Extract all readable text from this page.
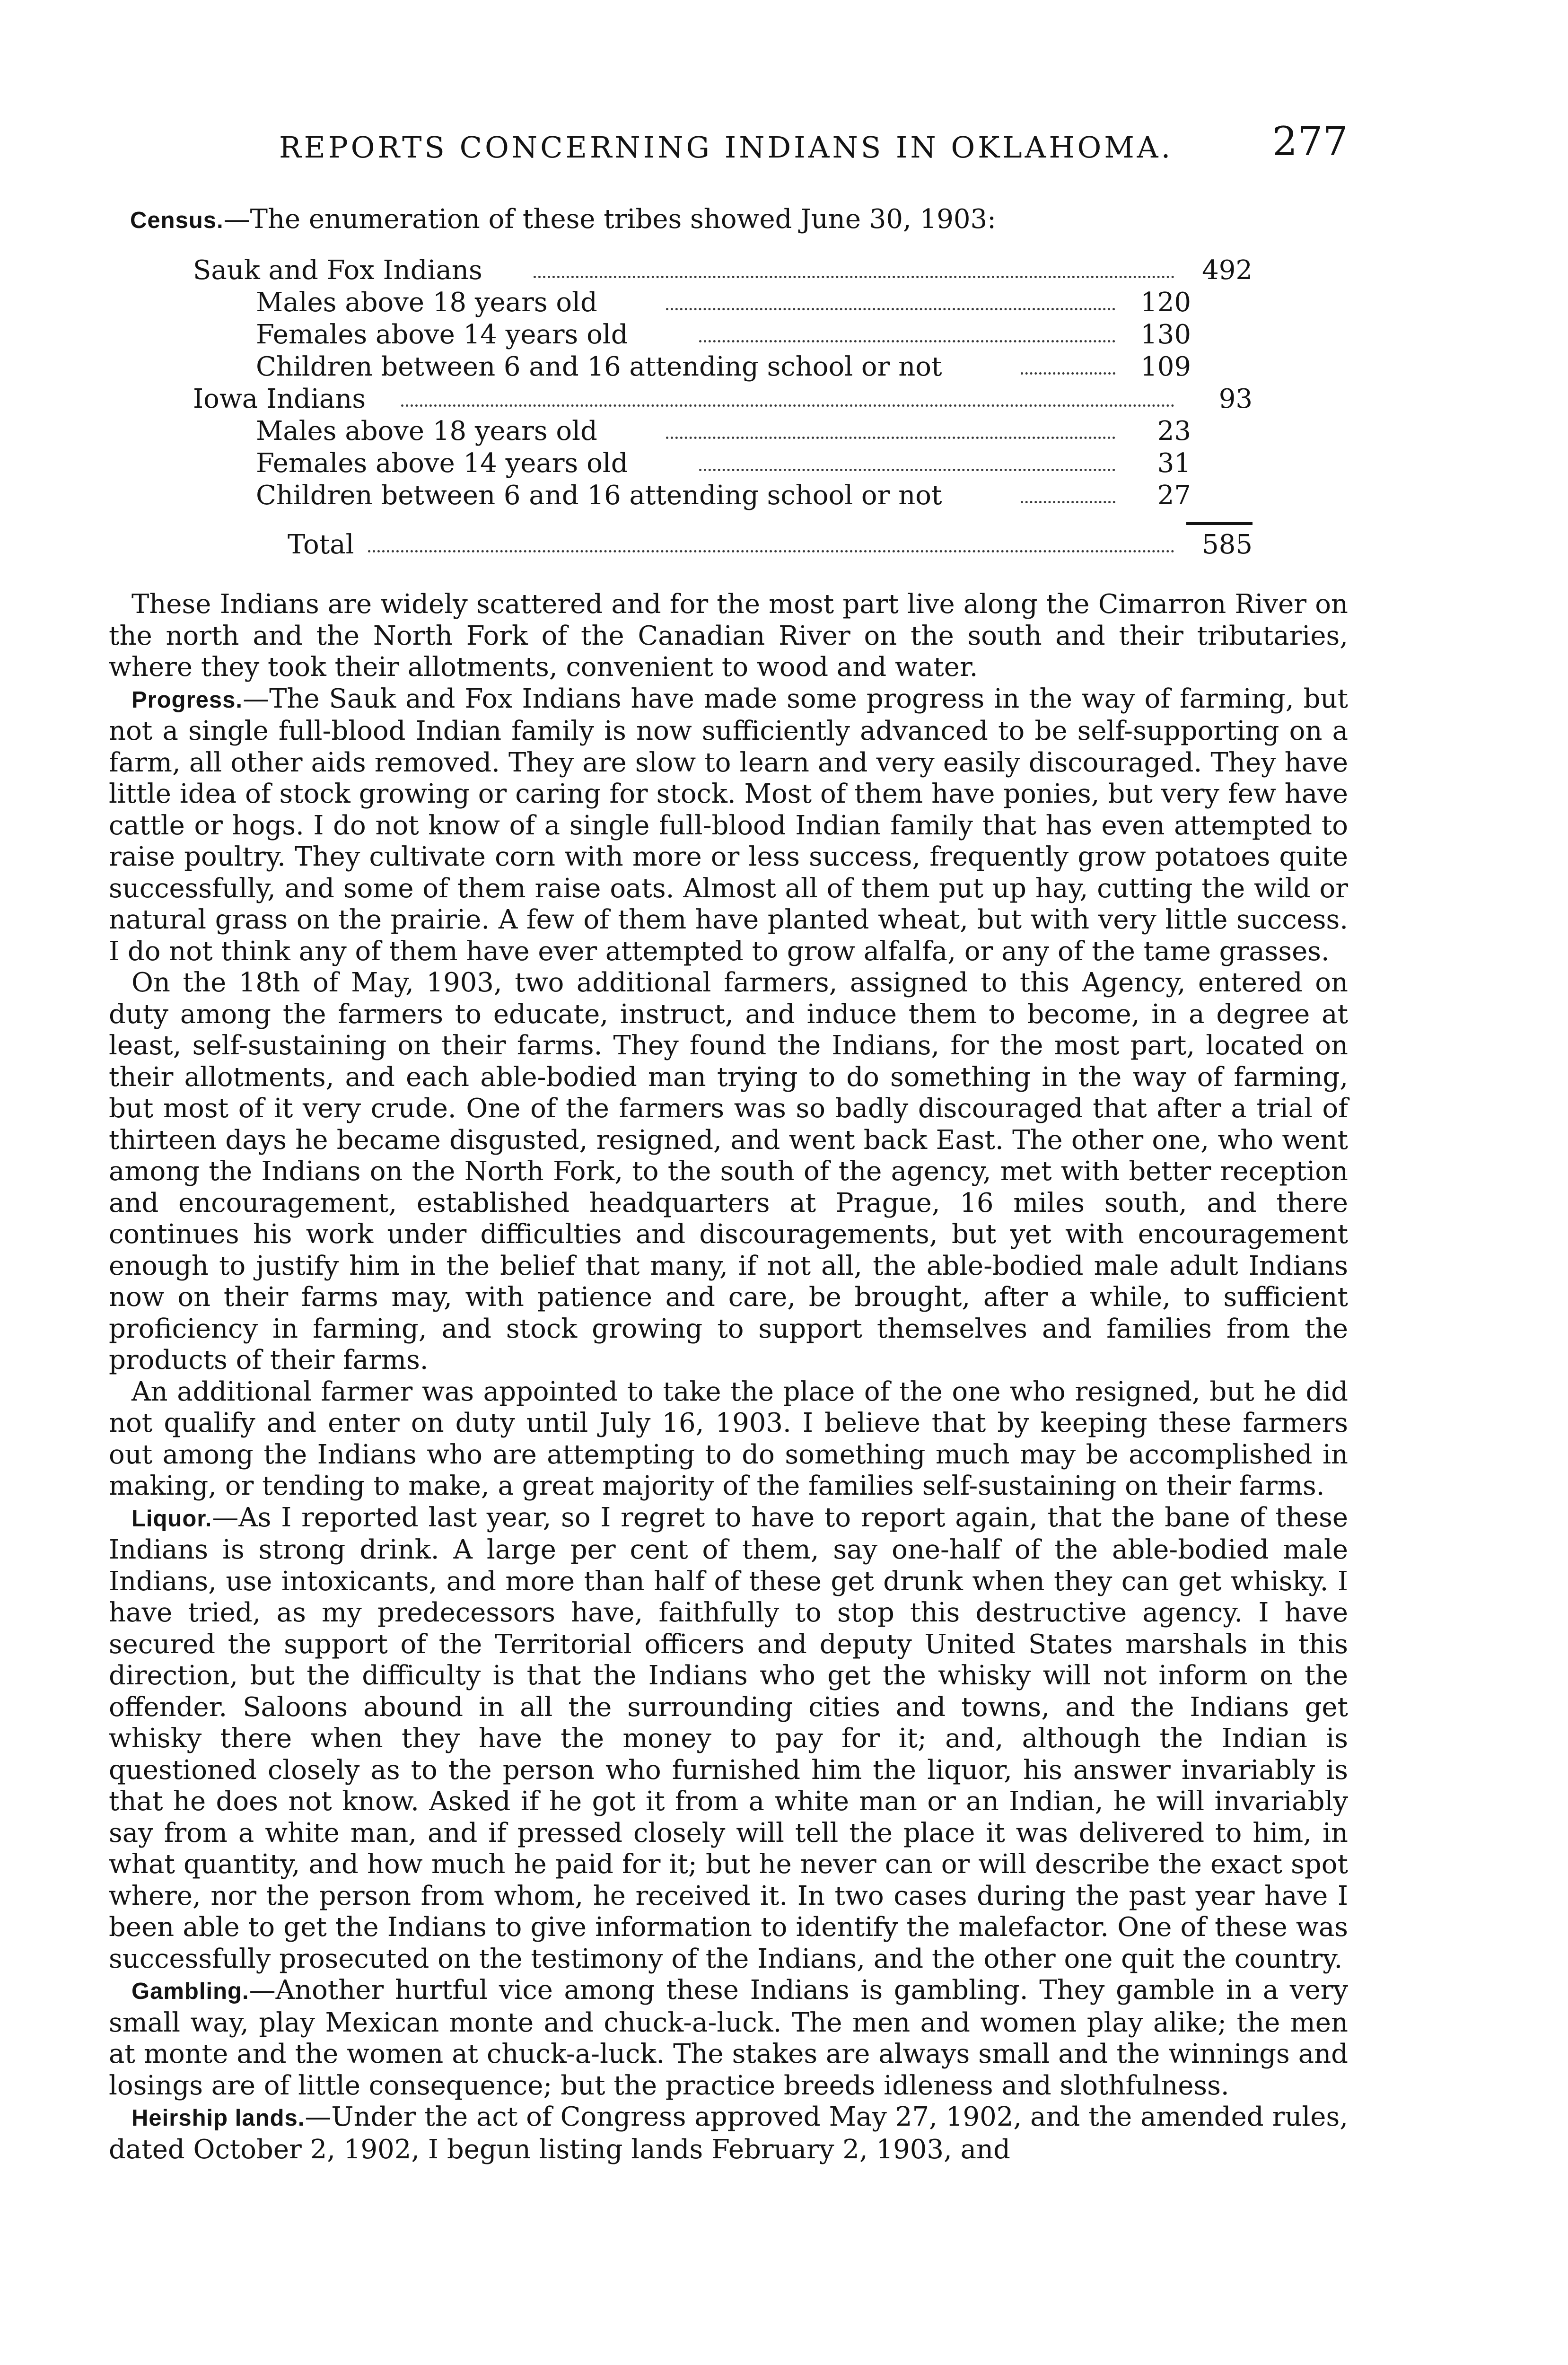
REPORTS CONCERNING INDIANS IN OKLAHOMA. 277
Census.—The enumeration of these tribes showed June 30, 1903:
Sauk and Fox Indians	492
Males above 18 years old	120
Females above 14 years old	130
Children between 6 and 16 attending school or not	109
Iowa Indians	93
Males above 18 years old	23
Females above 14 years old	31
Children between 6 and 16 attending school or not	27
Total	585

These Indians are widely scattered and for the most part live along the Cimarron River on the north and the North Fork of the Canadian River on the south and their tributaries, where they took their allotments, convenient to wood and water.

Progress.—The Sauk and Fox Indians have made some progress in the way of farming, but not a single full-blood Indian family is now sufficiently advanced to be self-supporting on a farm, all other aids removed. They are slow to learn and very easily discouraged. They have little idea of stock growing or caring for stock. Most of them have ponies, but very few have cattle or hogs. I do not know of a single full-blood Indian family that has even attempted to raise poultry. They cultivate corn with more or less success, frequently grow potatoes quite successfully, and some of them raise oats. Almost all of them put up hay, cutting the wild or natural grass on the prairie. A few of them have planted wheat, but with very little success. I do not think any of them have ever attempted to grow alfalfa, or any of the tame grasses.

On the 18th of May, 1903, two additional farmers, assigned to this Agency, entered on duty among the farmers to educate, instruct, and induce them to become, in a degree at least, self-sustaining on their farms. They found the Indians, for the most part, located on their allotments, and each able-bodied man trying to do something in the way of farming, but most of it very crude. One of the farmers was so badly discouraged that after a trial of thirteen days he became disgusted, resigned, and went back East. The other one, who went among the Indians on the North Fork, to the south of the agency, met with better reception and encouragement, established headquarters at Prague, 16 miles south, and there continues his work under difficulties and discouragements, but yet with encouragement enough to justify him in the belief that many, if not all, the able-bodied male adult Indians now on their farms may, with patience and care, be brought, after a while, to sufficient proficiency in farming, and stock growing to support themselves and families from the products of their farms.

An additional farmer was appointed to take the place of the one who resigned, but he did not qualify and enter on duty until July 16, 1903. I believe that by keeping these farmers out among the Indians who are attempting to do something much may be accomplished in making, or tending to make, a great majority of the families self-sustaining on their farms.

Liquor.—As I reported last year, so I regret to have to report again, that the bane of these Indians is strong drink. A large per cent of them, say one-half of the able-bodied male Indians, use intoxicants, and more than half of these get drunk when they can get whisky. I have tried, as my predecessors have, faithfully to stop this destructive agency. I have secured the support of the Territorial officers and deputy United States marshals in this direction, but the difficulty is that the Indians who get the whisky will not inform on the offender. Saloons abound in all the surrounding cities and towns, and the Indians get whisky there when they have the money to pay for it; and, although the Indian is questioned closely as to the person who furnished him the liquor, his answer invariably is that he does not know. Asked if he got it from a white man or an Indian, he will invariably say from a white man, and if pressed closely will tell the place it was delivered to him, in what quantity, and how much he paid for it; but he never can or will describe the exact spot where, nor the person from whom, he received it. In two cases during the past year have I been able to get the Indians to give information to identify the malefactor. One of these was successfully prosecuted on the testimony of the Indians, and the other one quit the country.

Gambling.—Another hurtful vice among these Indians is gambling. They gamble in a very small way, play Mexican monte and chuck-a-luck. The men and women play alike; the men at monte and the women at chuck-a-luck. The stakes are always small and the winnings and losings are of little consequence; but the practice breeds idleness and slothfulness.

Heirship lands.—Under the act of Congress approved May 27, 1902, and the amended rules, dated October 2, 1902, I begun listing lands February 2, 1903, and
